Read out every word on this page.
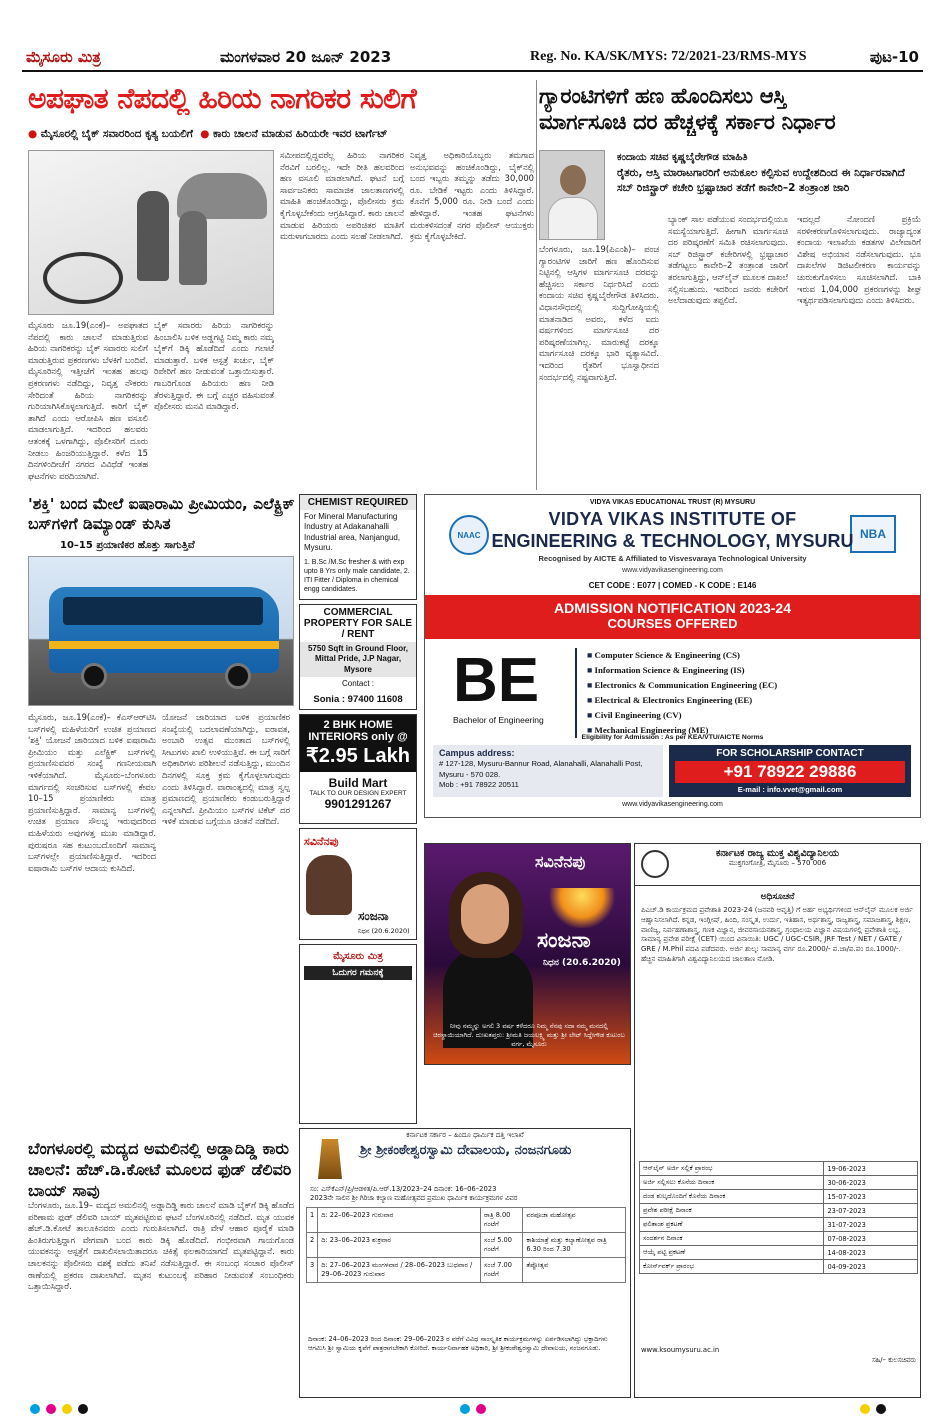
ಮೈಸೂರು ಮಿತ್ರ	ಮಂಗಳವಾರ 20 ಜೂನ್ 2023	Reg. No. KA/SK/MYS: 72/2021-23/RMS-MYS	ಪುಟ-10
ಅಪಘಾತ ನೆಪದಲ್ಲಿ ಹಿರಿಯ ನಾಗರಿಕರ ಸುಲಿಗೆ
● ಮೈಸೂರಲ್ಲಿ ಬೈಕ್ ಸವಾರರಿಂದ ಕೃತ್ಯ ಬಯಲಿಗೆ ● ಕಾರು ಚಾಲನೆ ಮಾಡುವ ಹಿರಿಯರೇ ಇವರ ಟಾರ್ಗೆಟ್
ಸಮೀಪದಲ್ಲಿದ್ದವರೆಲ್ಲ ಹಿರಿಯ ನಾಗರಿಕರ ನೆರವಿಗೆ ಬರಲಿಲ್ಲ. ಇದೇ ರೀತಿ ಹಲವರಿಂದ ಹಣ ವಸೂಲಿ ಮಾಡಲಾಗಿದೆ. ಘಟನೆ ಬಗ್ಗೆ ಸಾರ್ವಜನಿಕರು ಸಾಮಾಜಿಕ ಜಾಲತಾಣಗಳಲ್ಲಿ ಮಾಹಿತಿ ಹಂಚಿಕೊಂಡಿದ್ದು, ಪೊಲೀಸರು ಕ್ರಮ ಕೈಗೊಳ್ಳಬೇಕೆಂದು ಆಗ್ರಹಿಸಿದ್ದಾರೆ. ಕಾರು ಚಾಲನೆ ಮಾಡುವ ಹಿರಿಯರು ಅಪರಿಚಿತರ ಮಾತಿಗೆ ಮರುಳಾಗಬಾರದು ಎಂದು ಸಲಹೆ ನೀಡಲಾಗಿದೆ.
ನಿವೃತ್ತ ಅಧಿಕಾರಿಯೊಬ್ಬರು ತಮಗಾದ ಅನುಭವವನ್ನು ಹಂಚಿಕೊಂಡಿದ್ದು, ಬೈಕ್‌ನಲ್ಲಿ ಬಂದ ಇಬ್ಬರು ತಮ್ಮನ್ನು ತಡೆದು 30,000 ರೂ. ಬೇಡಿಕೆ ಇಟ್ಟರು ಎಂದು ತಿಳಿಸಿದ್ದಾರೆ. ಕೊನೆಗೆ 5,000 ರೂ. ನೀಡಿ ಬಂದೆ ಎಂದು ಹೇಳಿದ್ದಾರೆ. ಇಂತಹ ಘಟನೆಗಳು ಮರುಕಳಿಸದಂತೆ ನಗರ ಪೊಲೀಸ್ ಆಯುಕ್ತರು ಕ್ರಮ ಕೈಗೊಳ್ಳಬೇಕಿದೆ.
ಮೈಸೂರು ಜೂ.19(ಎಂಕೆ)– ಅಪಘಾತದ ನೆಪದಲ್ಲಿ ಕಾರು ಚಾಲನೆ ಮಾಡುತ್ತಿರುವ ಹಿರಿಯ ನಾಗರಿಕರನ್ನು ಬೈಕ್ ಸವಾರರು ಸುಲಿಗೆ ಮಾಡುತ್ತಿರುವ ಪ್ರಕರಣಗಳು ಬೆಳಕಿಗೆ ಬಂದಿವೆ. ಮೈಸೂರಿನಲ್ಲಿ ಇತ್ತೀಚೆಗೆ ಇಂತಹ ಹಲವು ಪ್ರಕರಣಗಳು ನಡೆದಿದ್ದು, ನಿವೃತ್ತ ನೌಕರರು ಸೇರಿದಂತೆ ಹಿರಿಯ ನಾಗರಿಕರನ್ನು ಗುರಿಯಾಗಿಸಿಕೊಳ್ಳಲಾಗುತ್ತಿದೆ. ಕಾರಿಗೆ ಬೈಕ್ ತಾಗಿದೆ ಎಂದು ಆರೋಪಿಸಿ ಹಣ ವಸೂಲಿ ಮಾಡಲಾಗುತ್ತಿದೆ. ಇದರಿಂದ ಹಲವರು ಆತಂಕಕ್ಕೆ ಒಳಗಾಗಿದ್ದು, ಪೊಲೀಸರಿಗೆ ದೂರು ನೀಡಲು ಹಿಂಜರಿಯುತ್ತಿದ್ದಾರೆ. ಕಳೆದ 15 ದಿನಗಳಿಂದೀಚೆಗೆ ನಗರದ ವಿವಿಧೆಡೆ ಇಂತಹ ಘಟನೆಗಳು ವರದಿಯಾಗಿವೆ.
ಬೈಕ್ ಸವಾರರು ಹಿರಿಯ ನಾಗರಿಕರನ್ನು ಹಿಂಬಾಲಿಸಿ ಬಳಿಕ ಅಡ್ಡಗಟ್ಟಿ ನಿಮ್ಮ ಕಾರು ನಮ್ಮ ಬೈಕ್‌ಗೆ ಡಿಕ್ಕಿ ಹೊಡೆದಿದೆ ಎಂದು ಗಲಾಟೆ ಮಾಡುತ್ತಾರೆ. ಬಳಿಕ ಆಸ್ಪತ್ರೆ ಖರ್ಚು, ಬೈಕ್ ರಿಪೇರಿಗೆ ಹಣ ನೀಡುವಂತೆ ಒತ್ತಾಯಿಸುತ್ತಾರೆ. ಗಾಬರಿಗೊಂಡ ಹಿರಿಯರು ಹಣ ನೀಡಿ ತೆರಳುತ್ತಿದ್ದಾರೆ. ಈ ಬಗ್ಗೆ ಎಚ್ಚರ ವಹಿಸುವಂತೆ ಪೊಲೀಸರು ಮನವಿ ಮಾಡಿದ್ದಾರೆ.
ಗ್ಯಾರಂಟಿಗಳಿಗೆ ಹಣ ಹೊಂದಿಸಲು ಆಸ್ತಿ
ಮಾರ್ಗಸೂಚಿ ದರ ಹೆಚ್ಚಳಕ್ಕೆ ಸರ್ಕಾರ ನಿರ್ಧಾರ
ಕಂದಾಯ ಸಚಿವ ಕೃಷ್ಣಬೈರೇಗೌಡ ಮಾಹಿತಿ
ರೈತರು, ಆಸ್ತಿ ಮಾರಾಟಗಾರರಿಗೆ ಅನುಕೂಲ ಕಲ್ಪಿಸುವ ಉದ್ದೇಶದಿಂದ ಈ ನಿರ್ಧಾರವಾಗಿದೆ
ಸಬ್ ರಿಜಿಸ್ಟ್ರಾರ್ ಕಚೇರಿ ಭ್ರಷ್ಟಾಚಾರ ತಡೆಗೆ ಕಾವೇರಿ–2 ತಂತ್ರಾಂಶ ಜಾರಿ
ಬೆಂಗಳೂರು, ಜೂ.19(ಪಿಎಂಶಿ)– ಪಂಚ ಗ್ಯಾರಂಟಿಗಳ ಜಾರಿಗೆ ಹಣ ಹೊಂದಿಸುವ ನಿಟ್ಟಿನಲ್ಲಿ ಆಸ್ತಿಗಳ ಮಾರ್ಗಸೂಚಿ ದರವನ್ನು ಹೆಚ್ಚಿಸಲು ಸರ್ಕಾರ ನಿರ್ಧರಿಸಿದೆ ಎಂದು ಕಂದಾಯ ಸಚಿವ ಕೃಷ್ಣಬೈರೇಗೌಡ ತಿಳಿಸಿದರು. ವಿಧಾನಸೌಧದಲ್ಲಿ ಸುದ್ದಿಗೋಷ್ಠಿಯಲ್ಲಿ ಮಾತನಾಡಿದ ಅವರು, ಕಳೆದ ಐದು ವರ್ಷಗಳಿಂದ ಮಾರ್ಗಸೂಚಿ ದರ ಪರಿಷ್ಕರಣೆಯಾಗಿಲ್ಲ. ಮಾರುಕಟ್ಟೆ ದರಕ್ಕೂ ಮಾರ್ಗಸೂಚಿ ದರಕ್ಕೂ ಭಾರಿ ವ್ಯತ್ಯಾಸವಿದೆ. ಇದರಿಂದ ರೈತರಿಗೆ ಭೂಸ್ವಾಧೀನದ ಸಂದರ್ಭದಲ್ಲಿ ನಷ್ಟವಾಗುತ್ತಿದೆ.
ಬ್ಯಾಂಕ್ ಸಾಲ ಪಡೆಯುವ ಸಂದರ್ಭದಲ್ಲಿಯೂ ಸಮಸ್ಯೆಯಾಗುತ್ತಿದೆ. ಹೀಗಾಗಿ ಮಾರ್ಗಸೂಚಿ ದರ ಪರಿಷ್ಕರಣೆಗೆ ಸಮಿತಿ ರಚಿಸಲಾಗುವುದು. ಸಬ್ ರಿಜಿಸ್ಟ್ರಾರ್ ಕಚೇರಿಗಳಲ್ಲಿ ಭ್ರಷ್ಟಾಚಾರ ತಡೆಗಟ್ಟಲು ಕಾವೇರಿ–2 ತಂತ್ರಾಂಶ ಜಾರಿಗೆ ತರಲಾಗುತ್ತಿದ್ದು, ಆನ್‌ಲೈನ್ ಮೂಲಕ ದಾಖಲೆ ಸಲ್ಲಿಸಬಹುದು. ಇದರಿಂದ ಜನರು ಕಚೇರಿಗೆ ಅಲೆದಾಡುವುದು ತಪ್ಪಲಿದೆ.
ಇದಲ್ಲದೆ ನೋಂದಣಿ ಪ್ರಕ್ರಿಯೆ ಸರಳೀಕರಣಗೊಳಿಸಲಾಗುವುದು. ರಾಜ್ಯಾದ್ಯಂತ ಕಂದಾಯ ಇಲಾಖೆಯ ಕಡತಗಳ ವಿಲೇವಾರಿಗೆ ವಿಶೇಷ ಅಭಿಯಾನ ನಡೆಸಲಾಗುವುದು. ಭೂ ದಾಖಲೆಗಳ ಡಿಜಿಟಲೀಕರಣ ಕಾರ್ಯವನ್ನು ಚುರುಕುಗೊಳಿಸಲು ಸೂಚಿಸಲಾಗಿದೆ. ಬಾಕಿ ಇರುವ 1,04,000 ಪ್ರಕರಣಗಳನ್ನು ಶೀಘ್ರ ಇತ್ಯರ್ಥಪಡಿಸಲಾಗುವುದು ಎಂದು ತಿಳಿಸಿದರು.
'ಶಕ್ತಿ' ಬಂದ ಮೇಲೆ ಐಷಾರಾಮಿ ಪ್ರೀಮಿಯಂ, ಎಲೆಕ್ಟ್ರಿಕ್ ಬಸ್‌ಗಳಿಗೆ ಡಿಮ್ಯಾಂಡ್ ಕುಸಿತ
10–15 ಪ್ರಯಾಣಿಕರ ಹೊತ್ತು ಸಾಗುತ್ತಿವೆ
ಮೈಸೂರು, ಜೂ.19(ಎಂಕೆ)– ಕೆಎಸ್‌ಆರ್‌ಟಿಸಿ ಬಸ್‌ಗಳಲ್ಲಿ ಮಹಿಳೆಯರಿಗೆ ಉಚಿತ ಪ್ರಯಾಣದ 'ಶಕ್ತಿ' ಯೋಜನೆ ಜಾರಿಯಾದ ಬಳಿಕ ಐಷಾರಾಮಿ ಪ್ರೀಮಿಯಂ ಮತ್ತು ಎಲೆಕ್ಟ್ರಿಕ್ ಬಸ್‌ಗಳಲ್ಲಿ ಪ್ರಯಾಣಿಸುವವರ ಸಂಖ್ಯೆ ಗಣನೀಯವಾಗಿ ಇಳಿಕೆಯಾಗಿದೆ. ಮೈಸೂರು–ಬೆಂಗಳೂರು ಮಾರ್ಗದಲ್ಲಿ ಸಂಚರಿಸುವ ಬಸ್‌ಗಳಲ್ಲಿ ಕೇವಲ 10–15 ಪ್ರಯಾಣಿಕರು ಮಾತ್ರ ಪ್ರಯಾಣಿಸುತ್ತಿದ್ದಾರೆ. ಸಾಮಾನ್ಯ ಬಸ್‌ಗಳಲ್ಲಿ ಉಚಿತ ಪ್ರಯಾಣ ಸೌಲಭ್ಯ ಇರುವುದರಿಂದ ಮಹಿಳೆಯರು ಅವುಗಳತ್ತ ಮುಖ ಮಾಡಿದ್ದಾರೆ. ಪುರುಷರೂ ಸಹ ಕುಟುಂಬದೊಂದಿಗೆ ಸಾಮಾನ್ಯ ಬಸ್‌ಗಳಲ್ಲೇ ಪ್ರಯಾಣಿಸುತ್ತಿದ್ದಾರೆ. ಇದರಿಂದ ಐಷಾರಾಮಿ ಬಸ್‌ಗಳ ಆದಾಯ ಕುಸಿದಿದೆ.
ಯೋಜನೆ ಜಾರಿಯಾದ ಬಳಿಕ ಪ್ರಯಾಣಿಕರ ಸಂಖ್ಯೆಯಲ್ಲಿ ಬದಲಾವಣೆಯಾಗಿದ್ದು, ಐರಾವತ, ಅಂಬಾರಿ ಉತ್ಸವ ಮುಂತಾದ ಬಸ್‌ಗಳಲ್ಲಿ ಸೀಟುಗಳು ಖಾಲಿ ಉಳಿಯುತ್ತಿವೆ. ಈ ಬಗ್ಗೆ ಸಾರಿಗೆ ಅಧಿಕಾರಿಗಳು ಪರಿಶೀಲನೆ ನಡೆಸುತ್ತಿದ್ದು, ಮುಂದಿನ ದಿನಗಳಲ್ಲಿ ಸೂಕ್ತ ಕ್ರಮ ಕೈಗೊಳ್ಳಲಾಗುವುದು ಎಂದು ತಿಳಿಸಿದ್ದಾರೆ. ವಾರಾಂತ್ಯದಲ್ಲಿ ಮಾತ್ರ ಸ್ವಲ್ಪ ಪ್ರಮಾಣದಲ್ಲಿ ಪ್ರಯಾಣಿಕರು ಕಂಡುಬರುತ್ತಿದ್ದಾರೆ ಎನ್ನಲಾಗಿದೆ. ಪ್ರೀಮಿಯಂ ಬಸ್‌ಗಳ ಟಿಕೆಟ್ ದರ ಇಳಿಕೆ ಮಾಡುವ ಬಗ್ಗೆಯೂ ಚಿಂತನೆ ನಡೆದಿದೆ.
CHEMIST REQUIRED
For Mineral Manufacturing Industry at Adakanahalli Industrial area, Nanjangud, Mysuru.
1. B.Sc /M.Sc fresher & with exp upto 8 Yrs only male candidate, 2. ITI Fitter / Diploma in chemical engg candidates.
COMMERCIAL PROPERTY FOR SALE / RENT
5750 Sqft in Ground Floor, Mittal Pride, J.P Nagar, Mysore
Contact :
Sonia : 97400 11608
2 BHK HOME INTERIORS only @
₹2.95 Lakh
Build Mart
TALK TO OUR DESIGN EXPERT
9901291267
ಸವಿನೆನಪು
ಸಂಜನಾ
ನಿಧನ (20.6.2020)
ಮೈಸೂರು ಮಿತ್ರ
ಓದುಗರ ಗಮನಕ್ಕೆ
VIDYA VIKAS EDUCATIONAL TRUST (R) MYSURU
NAAC	NBA
VIDYA VIKAS INSTITUTE OF
ENGINEERING & TECHNOLOGY, MYSURU
Recognised by AICTE & Affiliated to Visvesvaraya Technological University
www.vidyavikasengineering.com
CET CODE : E077 | COMED - K CODE : E146
ADMISSION NOTIFICATION 2023-24
COURSES OFFERED
BE
Bachelor of Engineering
■ Computer Science & Engineering (CS)
■ Information Science & Engineering (IS)
■ Electronics & Communication Engineering (EC)
■ Electrical & Electronics Engineering (EE)
■ Civil Engineering (CV)
■ Mechanical Engineering (ME)
Eligibility for Admission : As per KEA/VTU/AICTE Norms
Campus address:
# 127-128, Mysuru-Bannur Road, Alanahalli, Alanahalli Post, Mysuru - 570 028.
Mob : +91 78922 20511
FOR SCHOLARSHIP CONTACT
+91 78922 29886
E-mail : info.vvet@gmail.com
www.vidyavikasengineering.com
ಸವಿನೆನಪು
ಸಂಜನಾ
ನಿಧನ (20.6.2020)
ನೀವು ನಮ್ಮನ್ನು ಅಗಲಿ 3 ವರ್ಷ ಕಳೆದರೂ ನಿಮ್ಮ ನೆನಪು ಸದಾ ನಮ್ಮ ಮನದಲ್ಲಿ ಚಿರಸ್ಥಾಯಿಯಾಗಿದೆ. ದುಃಖತಪ್ತರು: ಶ್ರೀಮತಿ ಜಯಲಕ್ಷ್ಮಿ ಮತ್ತು ಶ್ರೀ ಲೇಟ್ ಸಿದ್ದೇಗೌಡ ಕುಟುಂಬ ವರ್ಗ, ಮೈಸೂರು
ಕರ್ನಾಟಕ ರಾಜ್ಯ ಮುಕ್ತ ವಿಶ್ವವಿದ್ಯಾನಿಲಯ
ಮುಕ್ತಗಂಗೋತ್ರಿ, ಮೈಸೂರು – 570 006
ಅಧಿಸೂಚನೆ
ಪಿಎಚ್.ಡಿ ಕಾರ್ಯಕ್ರಮದ ಪ್ರವೇಶಾತಿ 2023-24 (ಜನವರಿ ಆವೃತ್ತಿ) ಗೆ ಅರ್ಹ ಅಭ್ಯರ್ಥಿಗಳಿಂದ ಆನ್‌ಲೈನ್ ಮೂಲಕ ಅರ್ಜಿ ಆಹ್ವಾನಿಸಲಾಗಿದೆ. ಕನ್ನಡ, ಇಂಗ್ಲೀಷ್, ಹಿಂದಿ, ಸಂಸ್ಕೃತ, ಉರ್ದು, ಇತಿಹಾಸ, ಅರ್ಥಶಾಸ್ತ್ರ, ರಾಜ್ಯಶಾಸ್ತ್ರ, ಸಮಾಜಶಾಸ್ತ್ರ, ಶಿಕ್ಷಣ, ವಾಣಿಜ್ಯ, ನಿರ್ವಹಣಾಶಾಸ್ತ್ರ, ಗಣಕ ವಿಜ್ಞಾನ, ಜೀವರಸಾಯನಶಾಸ್ತ್ರ, ಗ್ರಂಥಾಲಯ ವಿಜ್ಞಾನ ವಿಷಯಗಳಲ್ಲಿ ಪ್ರವೇಶಾತಿ ಲಭ್ಯ. ಸಾಮಾನ್ಯ ಪ್ರವೇಶ ಪರೀಕ್ಷೆ (CET) ಯಿಂದ ವಿನಾಯಿತಿ: UGC / UGC-CSIR, JRF Test / NET / GATE / GRE / M.Phil ಪದವಿ ಪಡೆದವರು. ಅರ್ಜಿ ಶುಲ್ಕ: ಸಾಮಾನ್ಯ ವರ್ಗ ರೂ.2000/- ಪ.ಜಾ/ಪ.ಪಂ ರೂ.1000/-. ಹೆಚ್ಚಿನ ಮಾಹಿತಿಗಾಗಿ ವಿಶ್ವವಿದ್ಯಾನಿಲಯದ ಜಾಲತಾಣ ನೋಡಿ.
ಆನ್‌ಲೈನ್ ಅರ್ಜಿ ಸಲ್ಲಿಕೆ ಪ್ರಾರಂಭ	19-06-2023
ಅರ್ಜಿ ಸಲ್ಲಿಸಲು ಕೊನೆಯ ದಿನಾಂಕ	30-06-2023
ದಂಡ ಶುಲ್ಕದೊಂದಿಗೆ ಕೊನೆಯ ದಿನಾಂಕ	15-07-2023
ಪ್ರವೇಶ ಪರೀಕ್ಷೆ ದಿನಾಂಕ	23-07-2023
ಫಲಿತಾಂಶ ಪ್ರಕಟಣೆ	31-07-2023
ಸಂದರ್ಶನ ದಿನಾಂಕ	07-08-2023
ಆಯ್ಕೆ ಪಟ್ಟಿ ಪ್ರಕಟಣೆ	14-08-2023
ಕೋರ್ಸ್‌ವರ್ಕ್ ಪ್ರಾರಂಭ	04-09-2023
www.ksoumysuru.ac.in
ಸಹಿ/– ಕುಲಸಚಿವರು
ಕರ್ನಾಟಕ ಸರ್ಕಾರ – ಹಿಂದೂ ಧಾರ್ಮಿಕ ದತ್ತಿ ಇಲಾಖೆ
ಶ್ರೀ ಶ್ರೀಕಂಠೇಶ್ವರಸ್ವಾಮಿ ದೇವಾಲಯ, ನಂಜನಗೂಡು
ಸಂ: ಎಸ್‌ಕೆಎನ್/ಪ್ರಿ/ಆಡಳಿತ/ಪಿ.ಆರ್.13/2023–24 ದಿನಾಂಕ: 16–06–2023
2023ನೇ ಸಾಲಿನ ಶ್ರೀ ಗಿರಿಜಾ ಕಲ್ಯಾಣ ಮಹೋತ್ಸವದ ಪ್ರಮುಖ ಧಾರ್ಮಿಕ ಕಾರ್ಯಕ್ರಮಗಳ ವಿವರ
1	ದಿ: 22–06–2023 ಗುರುವಾರ	ರಾತ್ರಿ 8.00 ಗಂಟೆಗೆ	ವರಪೂಜಾ ಮಹೋತ್ಸವ
2	ದಿ: 23–06–2023 ಶುಕ್ರವಾರ	ಸಂಜೆ 5.00 ಗಂಟೆಗೆ	ಕಾಶಿಯಾತ್ರೆ ಮತ್ತು ಕಲ್ಯಾಣೋತ್ಸವ ರಾತ್ರಿ 6.30 ರಿಂದ 7.30
3	ದಿ: 27–06–2023 ಮಂಗಳವಾರ / 28–06–2023 ಬುಧವಾರ / 29–06–2023 ಗುರುವಾರ	ಸಂಜೆ 7.00 ಗಂಟೆಗೆ	ತೆಪ್ಪೋತ್ಸವ
ದಿನಾಂಕ: 24–06–2023 ರಿಂದ ದಿನಾಂಕ: 29–06–2023 ರ ವರೆಗೆ ವಿವಿಧ ಸಾಂಸ್ಕೃತಿಕ ಕಾರ್ಯಕ್ರಮಗಳನ್ನು ಏರ್ಪಡಿಸಲಾಗಿದ್ದು ಭಕ್ತಾದಿಗಳು ಆಗಮಿಸಿ ಶ್ರೀ ಸ್ವಾಮಿಯ ಕೃಪೆಗೆ ಪಾತ್ರರಾಗಬೇಕಾಗಿ ಕೋರಿದೆ. ಕಾರ್ಯನಿರ್ವಾಹಕ ಅಧಿಕಾರಿ, ಶ್ರೀ ಶ್ರೀಕಂಠೇಶ್ವರಸ್ವಾಮಿ ದೇವಾಲಯ, ನಂಜನಗೂಡು.
ಬೆಂಗಳೂರಲ್ಲಿ ಮದ್ಯದ ಅಮಲಿನಲ್ಲಿ ಅಡ್ಡಾದಿಡ್ಡಿ ಕಾರು ಚಾಲನೆ: ಹೆಚ್.ಡಿ.ಕೋಟೆ ಮೂಲದ ಫುಡ್ ಡೆಲಿವರಿ ಬಾಯ್ ಸಾವು
ಬೆಂಗಳೂರು, ಜೂ.19– ಮದ್ಯದ ಅಮಲಿನಲ್ಲಿ ಅಡ್ಡಾದಿಡ್ಡಿ ಕಾರು ಚಾಲನೆ ಮಾಡಿ ಬೈಕ್‌ಗೆ ಡಿಕ್ಕಿ ಹೊಡೆದ ಪರಿಣಾಮ ಫುಡ್ ಡೆಲಿವರಿ ಬಾಯ್ ಮೃತಪಟ್ಟಿರುವ ಘಟನೆ ಬೆಂಗಳೂರಿನಲ್ಲಿ ನಡೆದಿದೆ. ಮೃತ ಯುವಕ ಹೆಚ್.ಡಿ.ಕೋಟೆ ತಾಲೂಕಿನವರು ಎಂದು ಗುರುತಿಸಲಾಗಿದೆ. ರಾತ್ರಿ ವೇಳೆ ಆಹಾರ ಪೂರೈಕೆ ಮಾಡಿ ಹಿಂತಿರುಗುತ್ತಿದ್ದಾಗ ವೇಗವಾಗಿ ಬಂದ ಕಾರು ಡಿಕ್ಕಿ ಹೊಡೆದಿದೆ. ಗಂಭೀರವಾಗಿ ಗಾಯಗೊಂಡ ಯುವಕನನ್ನು ಆಸ್ಪತ್ರೆಗೆ ದಾಖಲಿಸಲಾಯಿತಾದರೂ ಚಿಕಿತ್ಸೆ ಫಲಕಾರಿಯಾಗದೆ ಮೃತಪಟ್ಟಿದ್ದಾನೆ. ಕಾರು ಚಾಲಕನನ್ನು ಪೊಲೀಸರು ವಶಕ್ಕೆ ಪಡೆದು ತನಿಖೆ ನಡೆಸುತ್ತಿದ್ದಾರೆ. ಈ ಸಂಬಂಧ ಸಂಚಾರ ಪೊಲೀಸ್ ಠಾಣೆಯಲ್ಲಿ ಪ್ರಕರಣ ದಾಖಲಾಗಿದೆ. ಮೃತನ ಕುಟುಂಬಕ್ಕೆ ಪರಿಹಾರ ನೀಡುವಂತೆ ಸಂಬಂಧಿಕರು ಒತ್ತಾಯಿಸಿದ್ದಾರೆ.
